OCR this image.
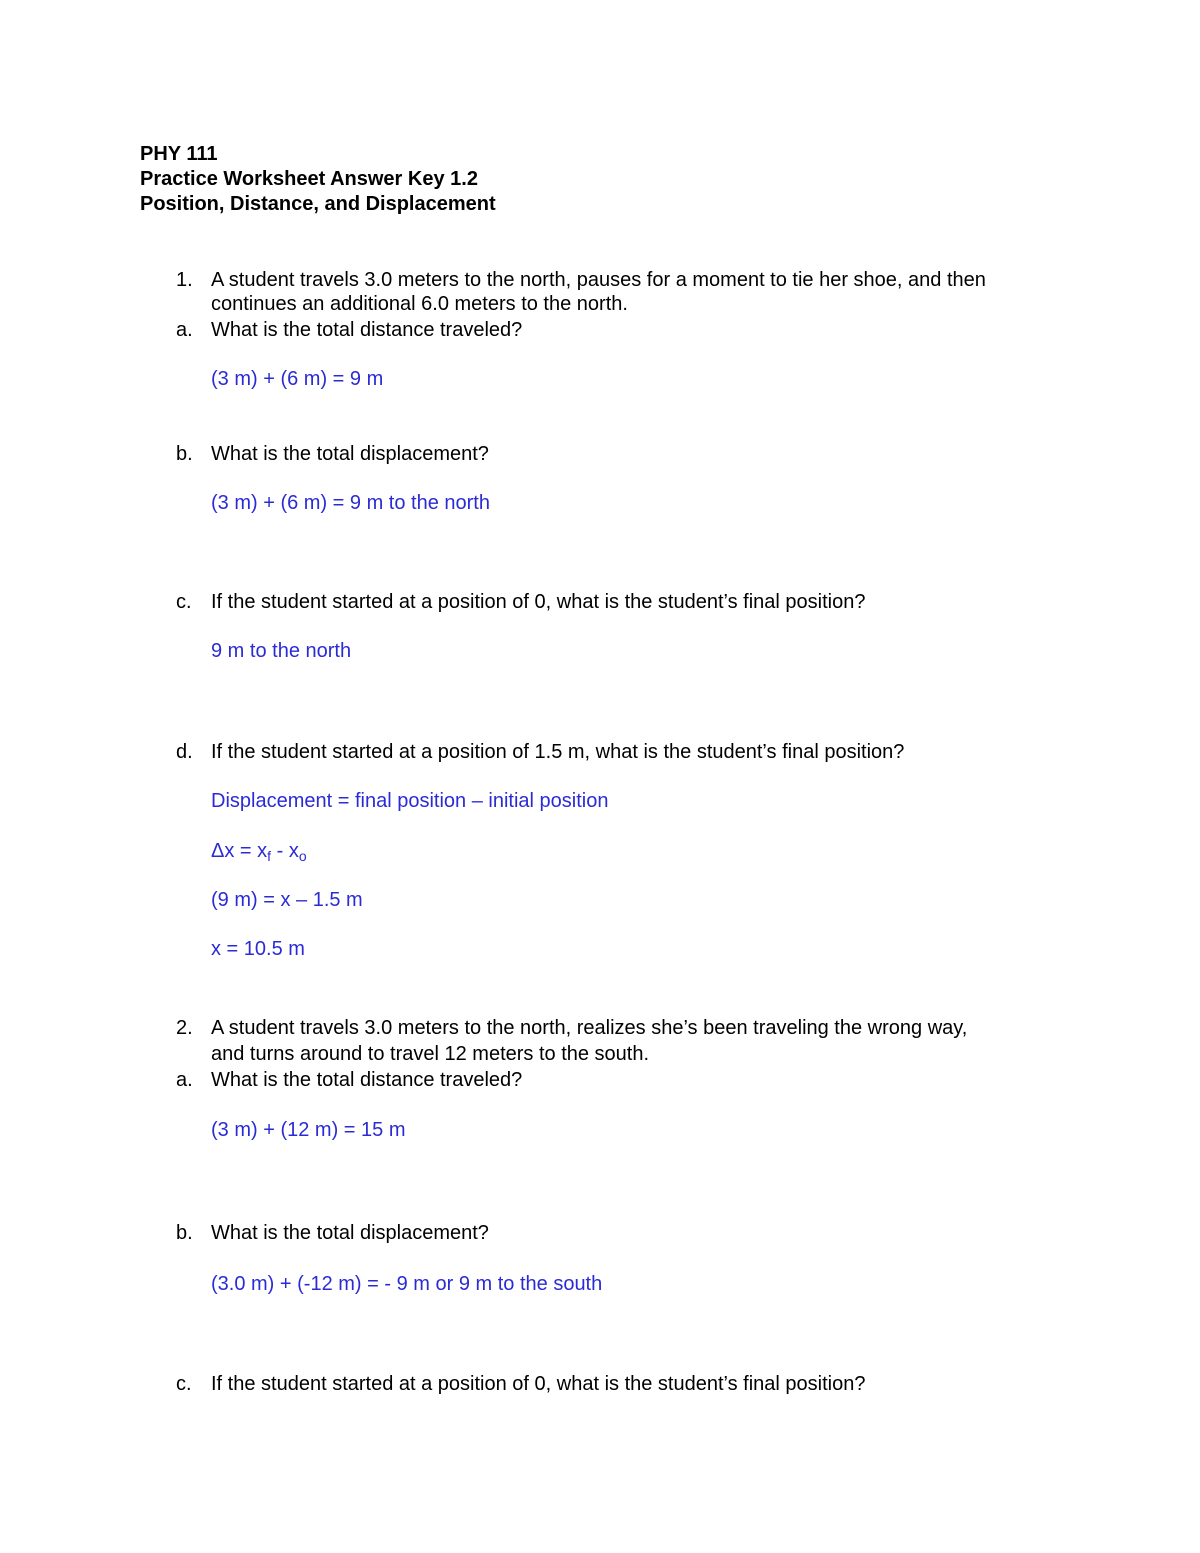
PHY 111
Practice Worksheet Answer Key 1.2
Position, Distance, and Displacement
1. A student travels 3.0 meters to the north, pauses for a moment to tie her shoe, and then
continues an additional 6.0 meters to the north.
a. What is the total distance traveled?
(3 m) + (6 m) = 9 m
b. What is the total displacement?
(3 m) + (6 m) = 9 m to the north
c. If the student started at a position of 0, what is the student’s final position?
9 m to the north
d. If the student started at a position of 1.5 m, what is the student’s final position?
Displacement = final position – initial position
$\Delta x = x_f - x_o$
(9 m) = x – 1.5 m
x = 10.5 m
2. A student travels 3.0 meters to the north, realizes she’s been traveling the wrong way,
and turns around to travel 12 meters to the south.
a. What is the total distance traveled?
(3 m) + (12 m) = 15 m
b. What is the total displacement?
(3.0 m) + (-12 m) = - 9 m or 9 m to the south
c. If the student started at a position of 0, what is the student’s final position?
